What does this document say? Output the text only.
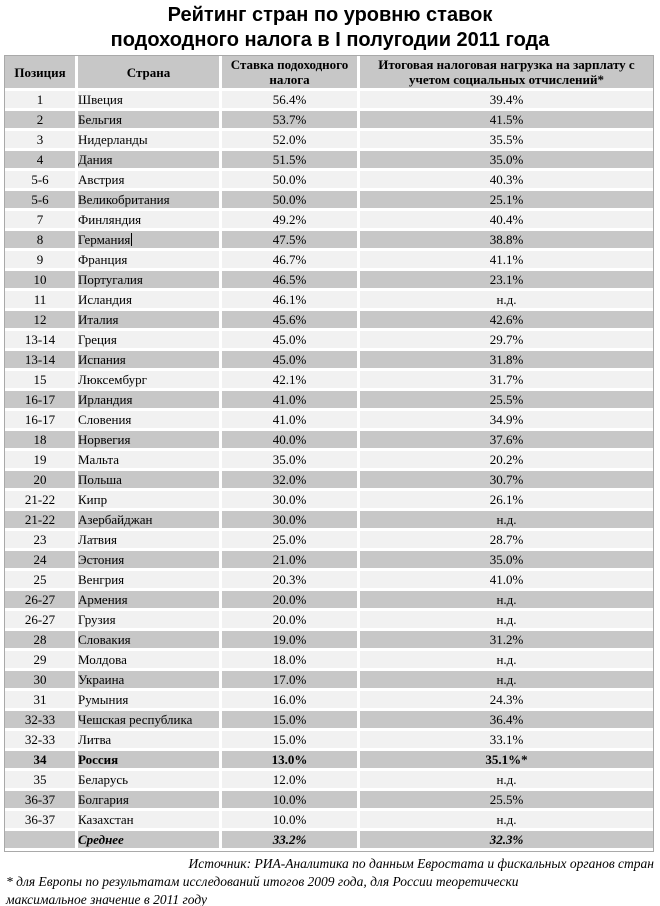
Рейтинг стран по уровню ставок
подоходного налога в I полугодии 2011 года
Позиция	Страна	Ставка подоходного налога	Итоговая налоговая нагрузка на зарплату с учетом социальных отчислений*
1	Швеция	56.4%	39.4%
2	Бельгия	53.7%	41.5%
3	Нидерланды	52.0%	35.5%
4	Дания	51.5%	35.0%
5-6	Австрия	50.0%	40.3%
5-6	Великобритания	50.0%	25.1%
7	Финляндия	49.2%	40.4%
8	Германия	47.5%	38.8%
9	Франция	46.7%	41.1%
10	Португалия	46.5%	23.1%
11	Исландия	46.1%	н.д.
12	Италия	45.6%	42.6%
13-14	Греция	45.0%	29.7%
13-14	Испания	45.0%	31.8%
15	Люксембург	42.1%	31.7%
16-17	Ирландия	41.0%	25.5%
16-17	Словения	41.0%	34.9%
18	Норвегия	40.0%	37.6%
19	Мальта	35.0%	20.2%
20	Польша	32.0%	30.7%
21-22	Кипр	30.0%	26.1%
21-22	Азербайджан	30.0%	н.д.
23	Латвия	25.0%	28.7%
24	Эстония	21.0%	35.0%
25	Венгрия	20.3%	41.0%
26-27	Армения	20.0%	н.д.
26-27	Грузия	20.0%	н.д.
28	Словакия	19.0%	31.2%
29	Молдова	18.0%	н.д.
30	Украина	17.0%	н.д.
31	Румыния	16.0%	24.3%
32-33	Чешская республика	15.0%	36.4%
32-33	Литва	15.0%	33.1%
34	Россия	13.0%	35.1%*
35	Беларусь	12.0%	н.д.
36-37	Болгария	10.0%	25.5%
36-37	Казахстан	10.0%	н.д.
	Среднее	33.2%	32.3%
Источник: РИА-Аналитика по данным Евростата и фискальных органов стран
* для Европы по результатам исследований итогов 2009 года, для России теоретически максимальное значение в 2011 году
